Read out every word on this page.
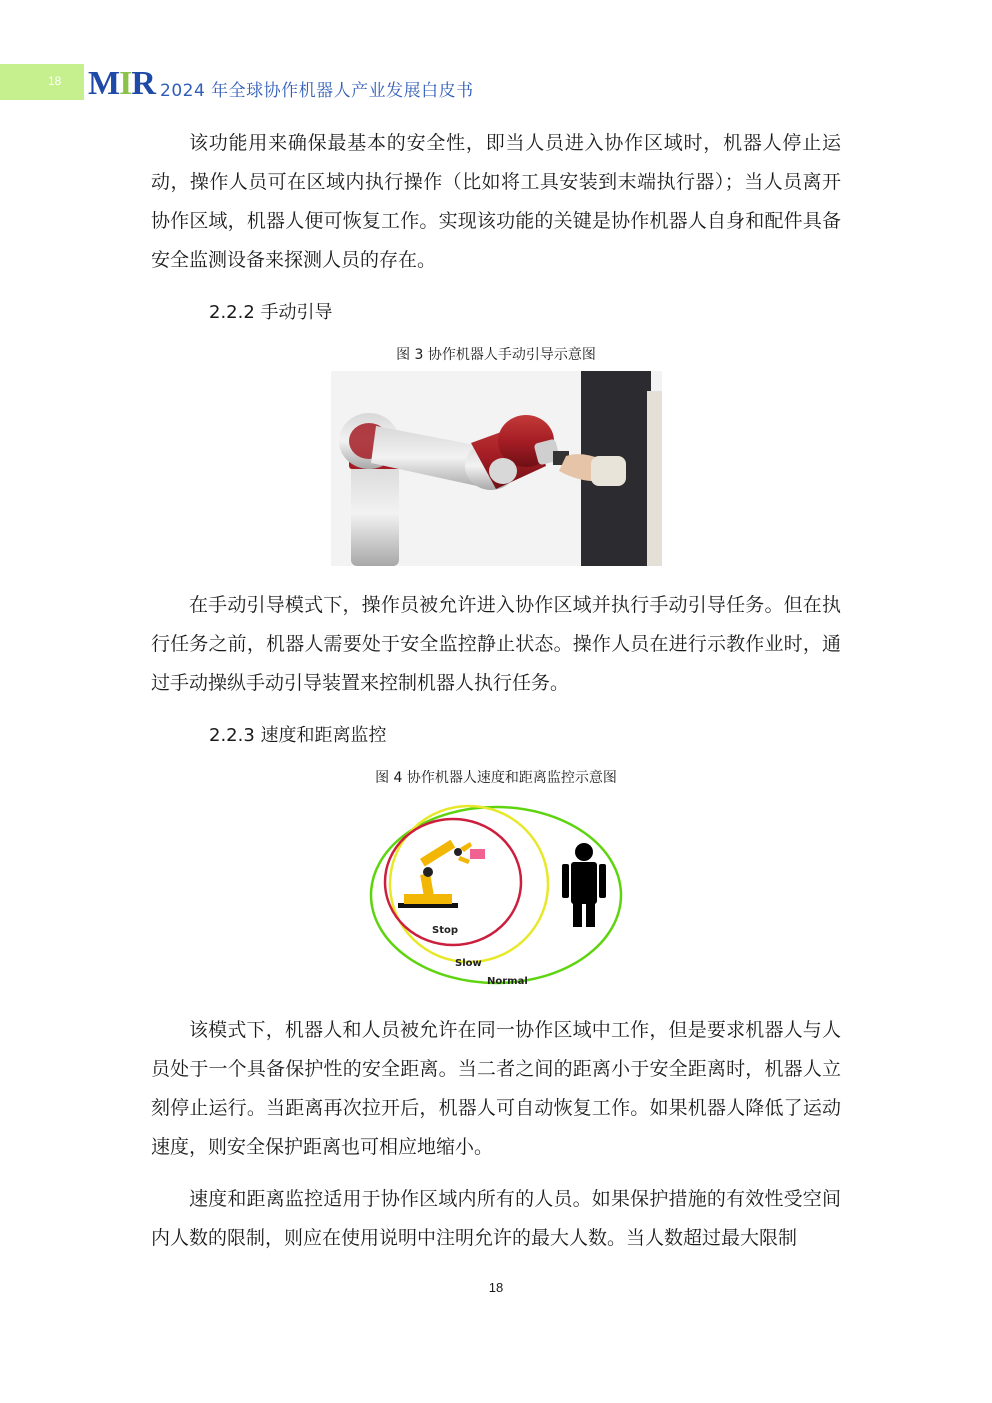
18 MIR 2024 年全球协作机器人产业发展白皮书

该功能用来确保最基本的安全性，即当人员进入协作区域时，机器人停止运动，操作人员可在区域内执行操作（比如将工具安装到末端执行器）；当人员离开协作区域，机器人便可恢复工作。实现该功能的关键是协作机器人自身和配件具备安全监测设备来探测人员的存在。

2.2.2 手动引导

图 3 协作机器人手动引导示意图

在手动引导模式下，操作员被允许进入协作区域并执行手动引导任务。但在执行任务之前，机器人需要处于安全监控静止状态。操作人员在进行示教作业时，通过手动操纵手动引导装置来控制机器人执行任务。

2.2.3 速度和距离监控

图 4 协作机器人速度和距离监控示意图

Stop
Slow
Normal

该模式下，机器人和人员被允许在同一协作区域中工作，但是要求机器人与人员处于一个具备保护性的安全距离。当二者之间的距离小于安全距离时，机器人立刻停止运行。当距离再次拉开后，机器人可自动恢复工作。如果机器人降低了运动速度，则安全保护距离也可相应地缩小。

速度和距离监控适用于协作区域内所有的人员。如果保护措施的有效性受空间内人数的限制，则应在使用说明中注明允许的最大人数。当人数超过最大限制

18
